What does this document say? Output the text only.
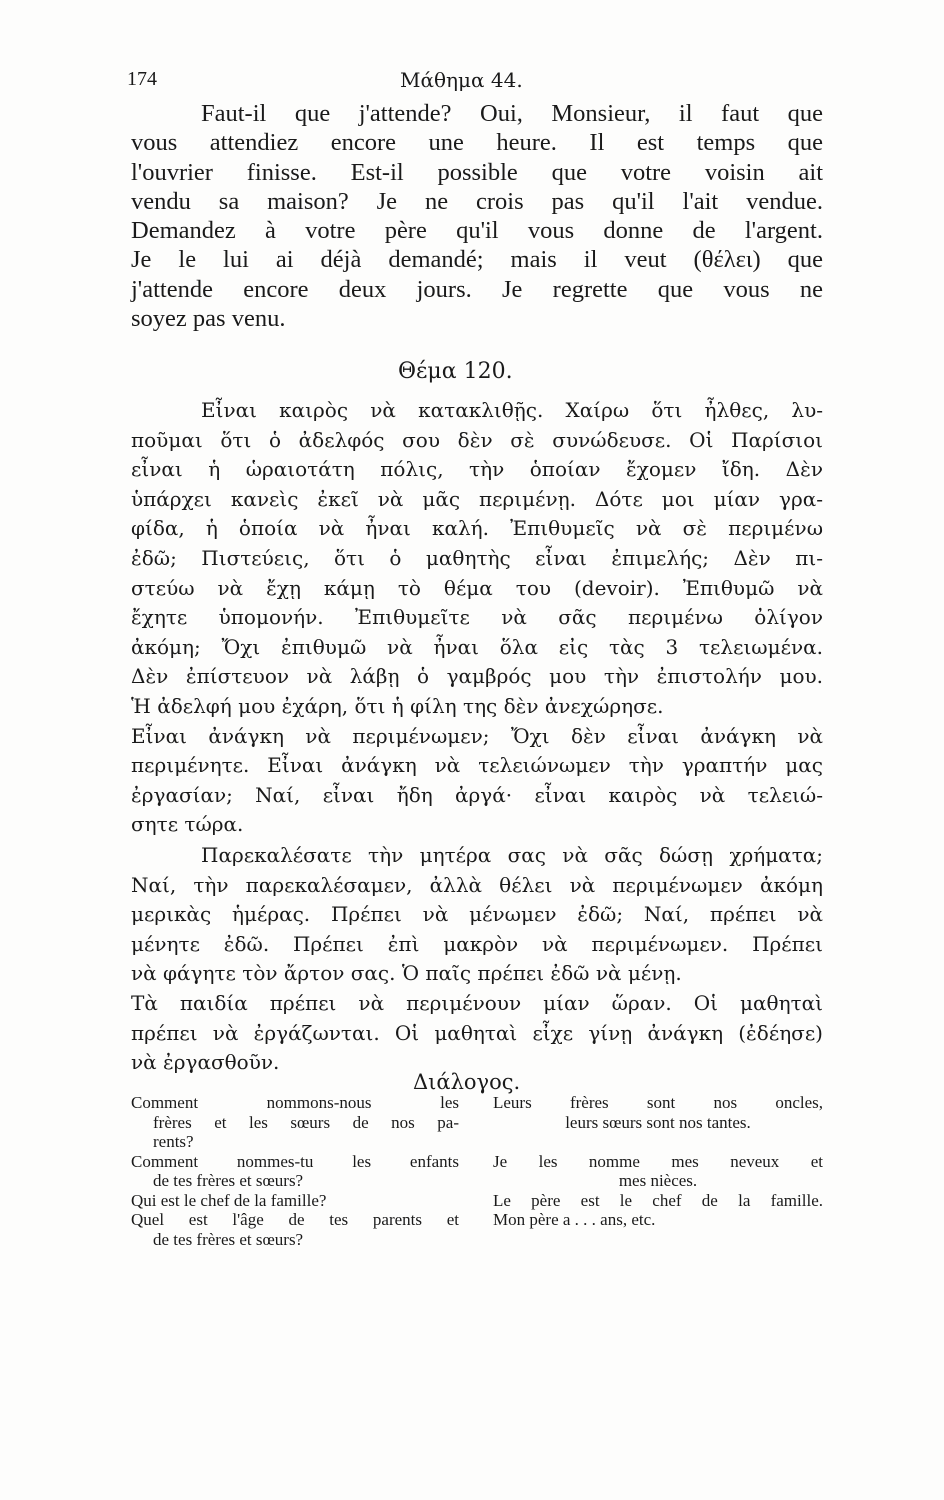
174	Μάθημα 44.
Faut-il que j'attende? Oui, Monsieur, il faut que
vous attendiez encore une heure. Il est temps que
l'ouvrier finisse. Est-il possible que votre voisin ait
vendu sa maison? Je ne crois pas qu'il l'ait vendue.
Demandez à votre père qu'il vous donne de l'argent.
Je le lui ai déjà demandé; mais il veut (θέλει) que
j'attende encore deux jours. Je regrette que vous ne
soyez pas venu.
Θέμα 120.
Εἶναι καιρὸς νὰ κατακλιθῇς. Χαίρω ὅτι ἦλθες, λυ-
ποῦμαι ὅτι ὁ ἀδελφός σου δὲν σὲ συνώδευσε. Οἱ Παρίσιοι
εἶναι ἡ ὡραιοτάτη πόλις, τὴν ὁποίαν ἔχομεν ἴδη. Δὲν
ὑπάρχει κανεὶς ἐκεῖ νὰ μᾶς περιμένῃ. Δότε μοι μίαν γρα-
φίδα, ἡ ὁποία νὰ ἦναι καλή. Ἐπιθυμεῖς νὰ σὲ περιμένω
ἐδῶ; Πιστεύεις, ὅτι ὁ μαθητὴς εἶναι ἐπιμελής; Δὲν πι-
στεύω νὰ ἔχῃ κάμῃ τὸ θέμα του (devoir). Ἐπιθυμῶ νὰ
ἔχητε ὑπομονήν. Ἐπιθυμεῖτε νὰ σᾶς περιμένω ὀλίγον
ἀκόμη; Ὄχι ἐπιθυμῶ νὰ ἦναι ὅλα εἰς τὰς 3 τελειωμένα.
Δὲν ἐπίστευον νὰ λάβῃ ὁ γαμβρός μου τὴν ἐπιστολήν μου.
Ἡ ἀδελφή μου ἐχάρη, ὅτι ἡ φίλη της δὲν ἀνεχώρησε.
Εἶναι ἀνάγκη νὰ περιμένωμεν; Ὄχι δὲν εἶναι ἀνάγκη νὰ
περιμένητε. Εἶναι ἀνάγκη νὰ τελειώνωμεν τὴν γραπτήν μας
ἐργασίαν; Ναί, εἶναι ἤδη ἀργά· εἶναι καιρὸς νὰ τελειώ-
σητε τώρα.
Παρεκαλέσατε τὴν μητέρα σας νὰ σᾶς δώσῃ χρήματα;
Ναί, τὴν παρεκαλέσαμεν, ἀλλὰ θέλει νὰ περιμένωμεν ἀκόμη
μερικὰς ἡμέρας. Πρέπει νὰ μένωμεν ἐδῶ; Ναί, πρέπει νὰ
μένητε ἐδῶ. Πρέπει ἐπὶ μακρὸν νὰ περιμένωμεν. Πρέπει
νὰ φάγητε τὸν ἄρτον σας. Ὁ παῖς πρέπει ἐδῶ νὰ μένῃ.
Τὰ παιδία πρέπει νὰ περιμένουν μίαν ὥραν. Οἱ μαθηταὶ
πρέπει νὰ ἐργάζωνται. Οἱ μαθηταὶ εἶχε γίνῃ ἀνάγκη (ἐδέησε)
νὰ ἐργασθοῦν.
Διάλογος.
Comment nommons-nous les
frères et les sœurs de nos pa-
rents?
Comment nommes-tu les enfants
de tes frères et sœurs?
Qui est le chef de la famille?
Quel est l'âge de tes parents et
de tes frères et sœurs?
Leurs frères sont nos oncles,
leurs sœurs sont nos tantes.

Je les nomme mes neveux et
mes nièces.
Le père est le chef de la famille.
Mon père a . . . ans, etc.
